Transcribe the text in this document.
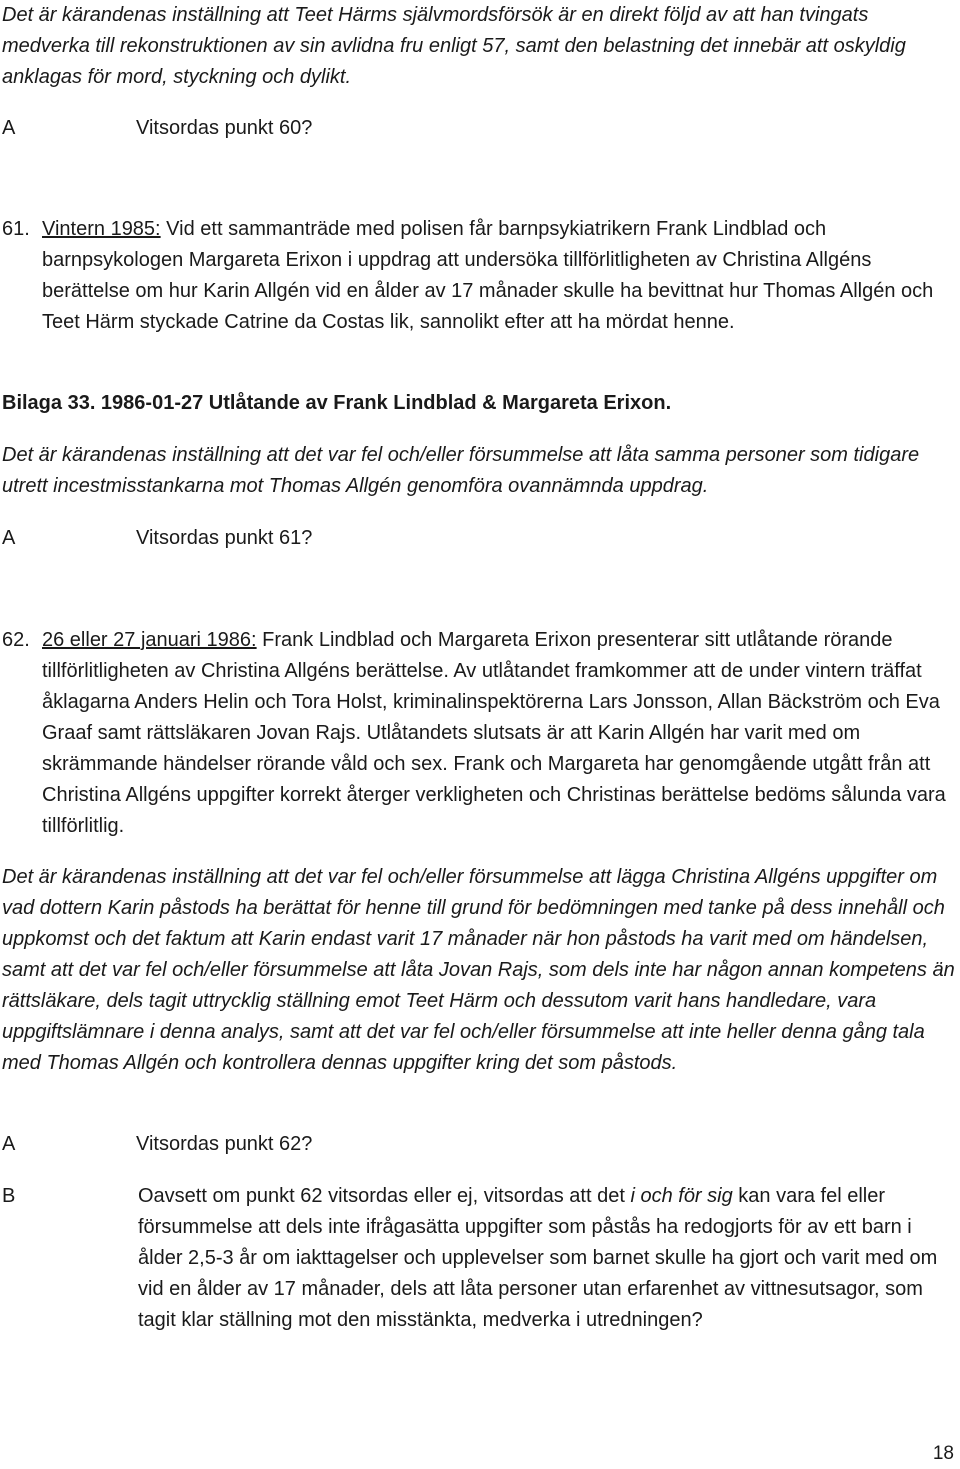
Det är kärandenas inställning att Teet Härms självmordsförsök är en direkt följd av att han tvingats medverka till rekonstruktionen av sin avlidna fru enligt 57, samt den belastning det innebär att oskyldig anklagas för mord, styckning och dylikt.

A	Vitsordas punkt 60?
61. Vintern 1985: Vid ett sammanträde med polisen får barnpsykiatrikern Frank Lindblad och barnpsykologen Margareta Erixon i uppdrag att undersöka tillförlitligheten av Christina Allgéns berättelse om hur Karin Allgén vid en ålder av 17 månader skulle ha bevittnat hur Thomas Allgén och Teet Härm styckade Catrine da Costas lik, sannolikt efter att ha mördat henne.

Bilaga 33. 1986-01-27 Utlåtande av Frank Lindblad & Margareta Erixon.

Det är kärandenas inställning att det var fel och/eller försummelse att låta samma personer som tidigare utrett incestmisstankarna mot Thomas Allgén genomföra ovannämnda uppdrag.

A	Vitsordas punkt 61?
62. 26 eller 27 januari 1986: Frank Lindblad och Margareta Erixon presenterar sitt utlåtande rörande tillförlitligheten av Christina Allgéns berättelse. Av utlåtandet framkommer att de under vintern träffat åklagarna Anders Helin och Tora Holst, kriminalinspektörerna Lars Jonsson, Allan Bäckström och Eva Graaf samt rättsläkaren Jovan Rajs. Utlåtandets slutsats är att Karin Allgén har varit med om skrämmande händelser rörande våld och sex. Frank och Margareta har genomgående utgått från att Christina Allgéns uppgifter korrekt återger verkligheten och Christinas berättelse bedöms sålunda vara tillförlitlig.

Det är kärandenas inställning att det var fel och/eller försummelse att lägga Christina Allgéns uppgifter om vad dottern Karin påstods ha berättat för henne till grund för bedömningen med tanke på dess innehåll och uppkomst och det faktum att Karin endast varit 17 månader när hon påstods ha varit med om händelsen, samt att det var fel och/eller försummelse att låta Jovan Rajs, som dels inte har någon annan kompetens än rättsläkare, dels tagit uttrycklig ställning emot Teet Härm och dessutom varit hans handledare, vara uppgiftslämnare i denna analys, samt att det var fel och/eller försummelse att inte heller denna gång tala med Thomas Allgén och kontrollera dennas uppgifter kring det som påstods.

A	Vitsordas punkt 62?
B	Oavsett om punkt 62 vitsordas eller ej, vitsordas att det i och för sig kan vara fel eller försummelse att dels inte ifrågasätta uppgifter som påstås ha redogjorts för av ett barn i ålder 2,5-3 år om iakttagelser och upplevelser som barnet skulle ha gjort och varit med om vid en ålder av 17 månader, dels att låta personer utan erfarenhet av vittnesutsagor, som tagit klar ställning mot den misstänkta, medverka i utredningen?
18
